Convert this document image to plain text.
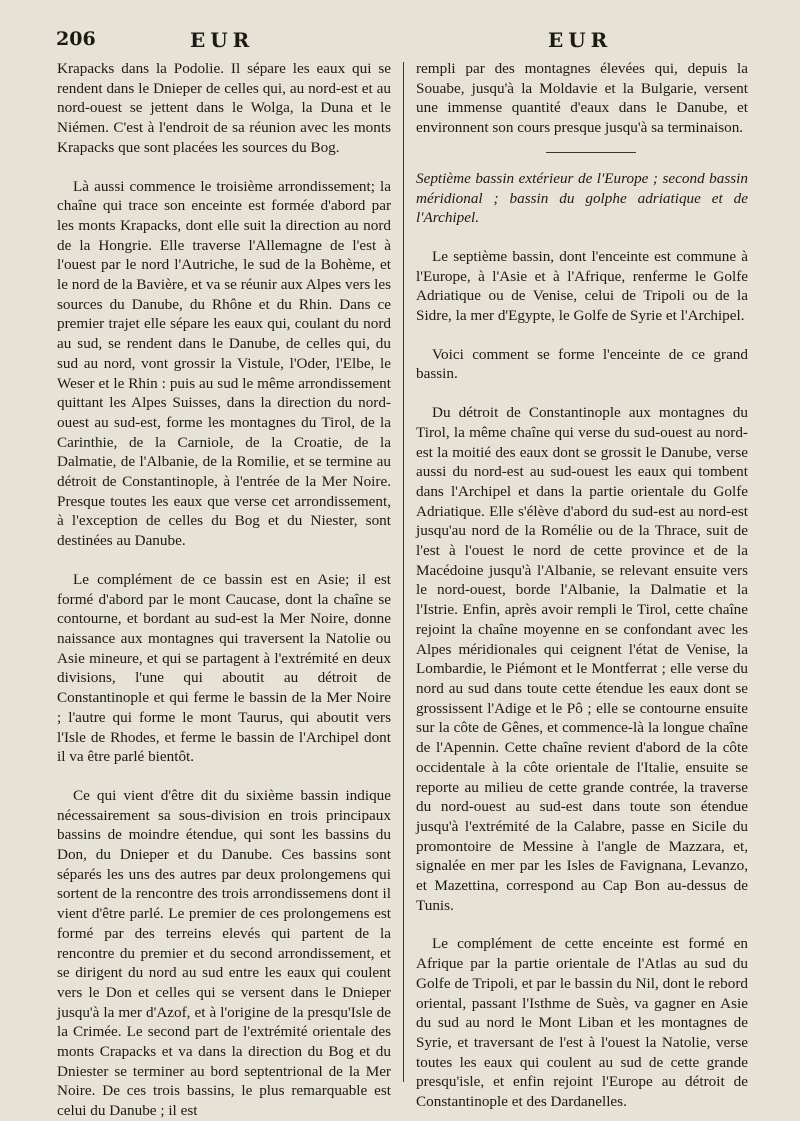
206	EUR	EUR

Krapacks dans la Podolie. Il sépare les eaux qui se rendent dans le Dnieper de celles qui, au nord-est et au nord-ouest se jettent dans le Wolga, la Duna et le Niémen. C'est à l'endroit de sa réunion avec les monts Krapacks que sont placées les sources du Bog.

Là aussi commence le troisième arrondissement; la chaîne qui trace son enceinte est formée d'abord par les monts Krapacks, dont elle suit la direction au nord de la Hongrie. Elle traverse l'Allemagne de l'est à l'ouest par le nord l'Autriche, le sud de la Bohème, et le nord de la Bavière, et va se réunir aux Alpes vers les sources du Danube, du Rhône et du Rhin. Dans ce premier trajet elle sépare les eaux qui, coulant du nord au sud, se rendent dans le Danube, de celles qui, du sud au nord, vont grossir la Vistule, l'Oder, l'Elbe, le Weser et le Rhin : puis au sud le même arrondissement quittant les Alpes Suisses, dans la direction du nord-ouest au sud-est, forme les montagnes du Tirol, de la Carinthie, de la Carniole, de la Croatie, de la Dalmatie, de l'Albanie, de la Romilie, et se termine au détroit de Constantinople, à l'entrée de la Mer Noire. Presque toutes les eaux que verse cet arrondissement, à l'exception de celles du Bog et du Niester, sont destinées au Danube.

Le complément de ce bassin est en Asie; il est formé d'abord par le mont Caucase, dont la chaîne se contourne, et bordant au sud-est la Mer Noire, donne naissance aux montagnes qui traversent la Natolie ou Asie mineure, et qui se partagent à l'extrémité en deux divisions, l'une qui aboutit au détroit de Constantinople et qui ferme le bassin de la Mer Noire ; l'autre qui forme le mont Taurus, qui aboutit vers l'Isle de Rhodes, et ferme le bassin de l'Archipel dont il va être parlé bientôt.

Ce qui vient d'être dit du sixième bassin indique nécessairement sa sous-division en trois principaux bassins de moindre étendue, qui sont les bassins du Don, du Dnieper et du Danube. Ces bassins sont séparés les uns des autres par deux prolongemens qui sortent de la rencontre des trois arrondissemens dont il vient d'être parlé. Le premier de ces prolongemens est formé par des terreins elevés qui partent de la rencontre du premier et du second arrondissement, et se dirigent du nord au sud entre les eaux qui coulent vers le Don et celles qui se versent dans le Dnieper jusqu'à la mer d'Azof, et à l'origine de la presqu'Isle de la Crimée. Le second part de l'extrémité orientale des monts Crapacks et va dans la direction du Bog et du Dniester se terminer au bord septentrional de la Mer Noire. De ces trois bassins, le plus remarquable est celui du Danube ; il est

rempli par des montagnes élevées qui, depuis la Souabe, jusqu'à la Moldavie et la Bulgarie, versent une immense quantité d'eaux dans le Danube, et environnent son cours presque jusqu'à sa terminaison.

Septième bassin extérieur de l'Europe ; second bassin méridional ; bassin du golphe adriatique et de l'Archipel.

Le septième bassin, dont l'enceinte est commune à l'Europe, à l'Asie et à l'Afrique, renferme le Golfe Adriatique ou de Venise, celui de Tripoli ou de la Sidre, la mer d'Egypte, le Golfe de Syrie et l'Archipel.

Voici comment se forme l'enceinte de ce grand bassin.

Du détroit de Constantinople aux montagnes du Tirol, la même chaîne qui verse du sud-ouest au nord-est la moitié des eaux dont se grossit le Danube, verse aussi du nord-est au sud-ouest les eaux qui tombent dans l'Archipel et dans la partie orientale du Golfe Adriatique. Elle s'élève d'abord du sud-est au nord-est jusqu'au nord de la Romélie ou de la Thrace, suit de l'est à l'ouest le nord de cette province et de la Macédoine jusqu'à l'Albanie, se relevant ensuite vers le nord-ouest, borde l'Albanie, la Dalmatie et la l'Istrie. Enfin, après avoir rempli le Tirol, cette chaîne rejoint la chaîne moyenne en se confondant avec les Alpes méridionales qui ceignent l'état de Venise, la Lombardie, le Piémont et le Montferrat ; elle verse du nord au sud dans toute cette étendue les eaux dont se grossissent l'Adige et le Pô ; elle se contourne ensuite sur la côte de Gênes, et commence-là la longue chaîne de l'Apennin. Cette chaîne revient d'abord de la côte occidentale à la côte orientale de l'Italie, ensuite se reporte au milieu de cette grande contrée, la traverse du nord-ouest au sud-est dans toute son étendue jusqu'à l'extrémité de la Calabre, passe en Sicile du promontoire de Messine à l'angle de Mazzara, et, signalée en mer par les Isles de Favignana, Levanzo, et Mazettina, correspond au Cap Bon au-dessus de Tunis.

Le complément de cette enceinte est formé en Afrique par la partie orientale de l'Atlas au sud du Golfe de Tripoli, et par le bassin du Nil, dont le rebord oriental, passant l'Isthme de Suès, va gagner en Asie du sud au nord le Mont Liban et les montagnes de Syrie, et traversant de l'est à l'ouest la Natolie, verse toutes les eaux qui coulent au sud de cette grande presqu'isle, et enfin rejoint l'Europe au détroit de Constantinople et des Dardanelles.
